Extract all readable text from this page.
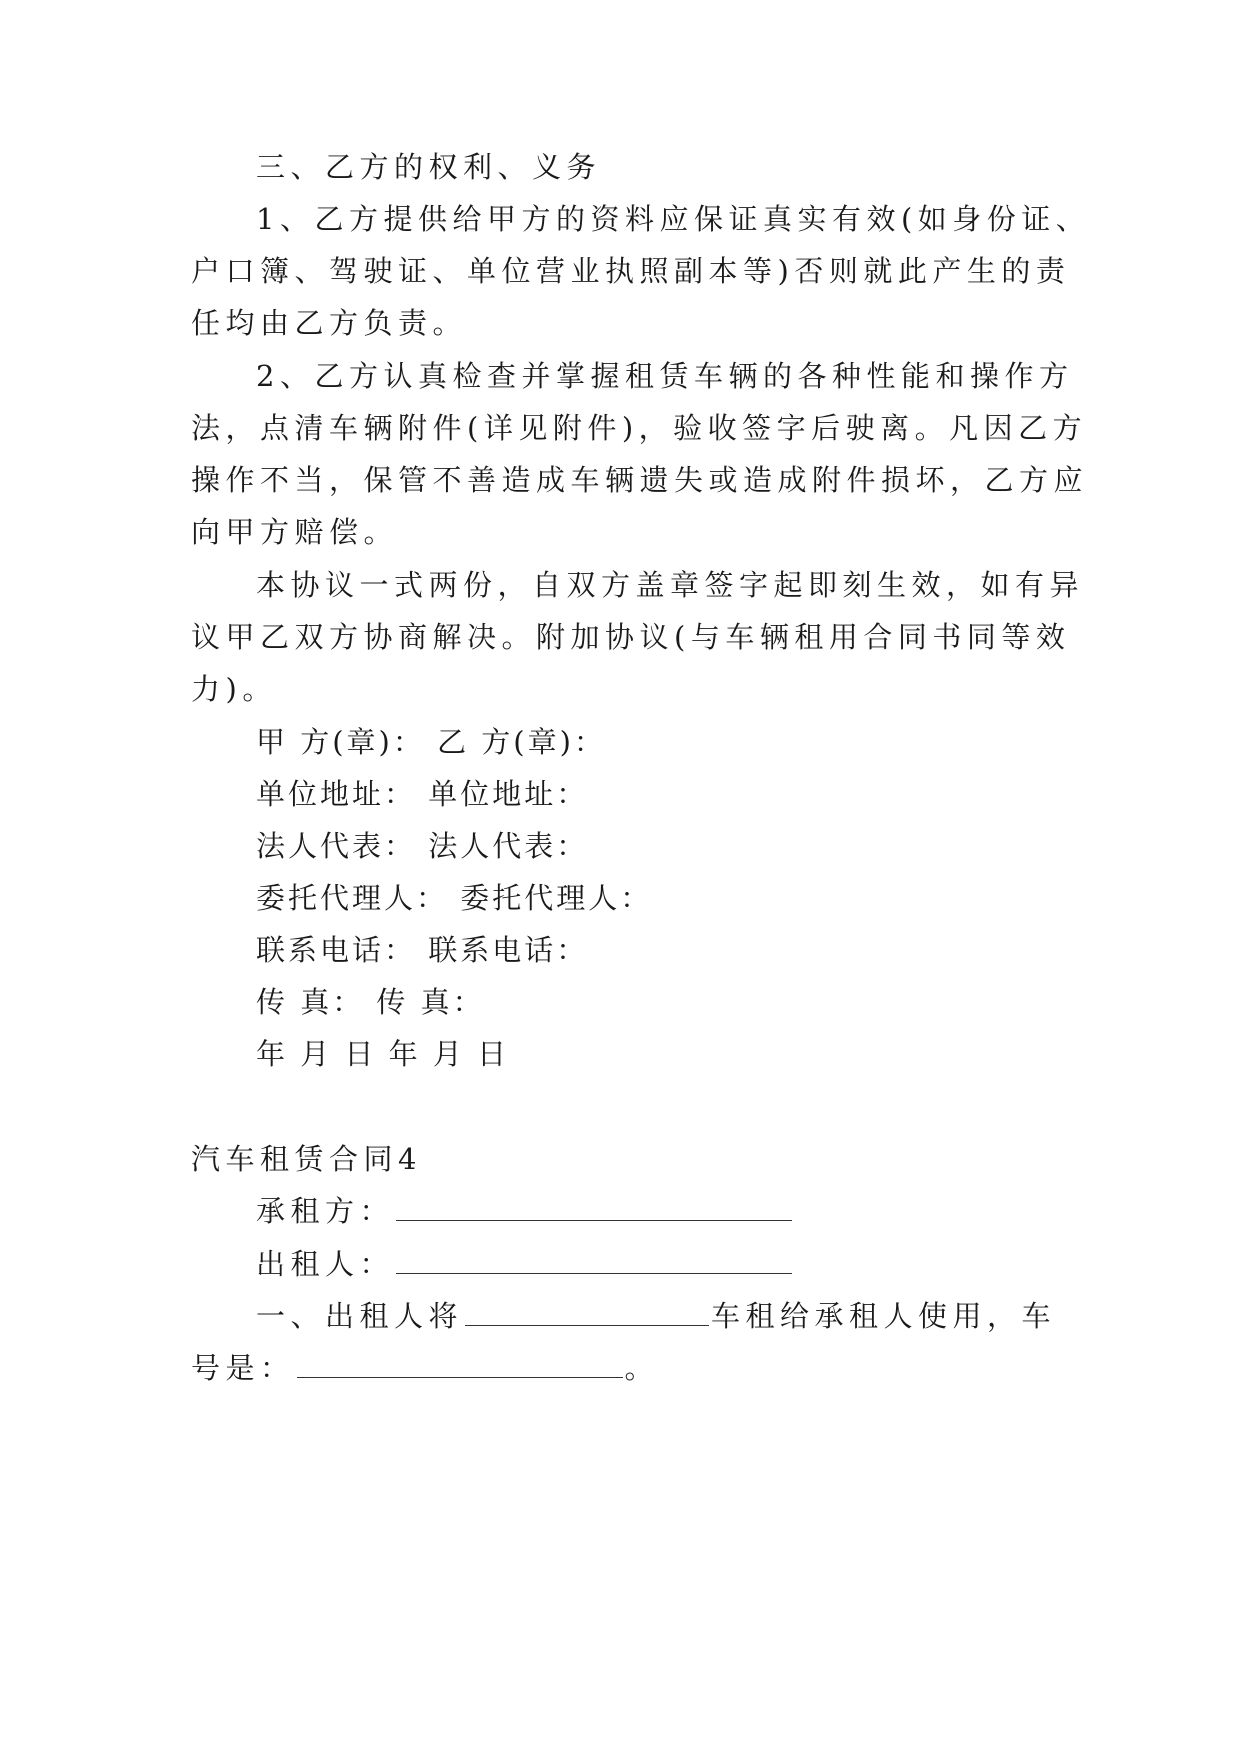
三、乙方的权利、义务
1、乙方提供给甲方的资料应保证真实有效(如身份证、
户口簿、驾驶证、单位营业执照副本等)否则就此产生的责
任均由乙方负责。
2、乙方认真检查并掌握租赁车辆的各种性能和操作方
法，点清车辆附件(详见附件)，验收签字后驶离。凡因乙方
操作不当，保管不善造成车辆遗失或造成附件损坏，乙方应
向甲方赔偿。
本协议一式两份，自双方盖章签字起即刻生效，如有异
议甲乙双方协商解决。附加协议(与车辆租用合同书同等效
力)。
甲 方(章)： 乙 方(章)：
单位地址： 单位地址：
法人代表： 法人代表：
委托代理人： 委托代理人：
联系电话： 联系电话：
传 真： 传 真：
年 月 日 年 月 日
汽车租赁合同4
承租方：
出租人：
一、出租人将	车租给承租人使用，车
号是：	。
